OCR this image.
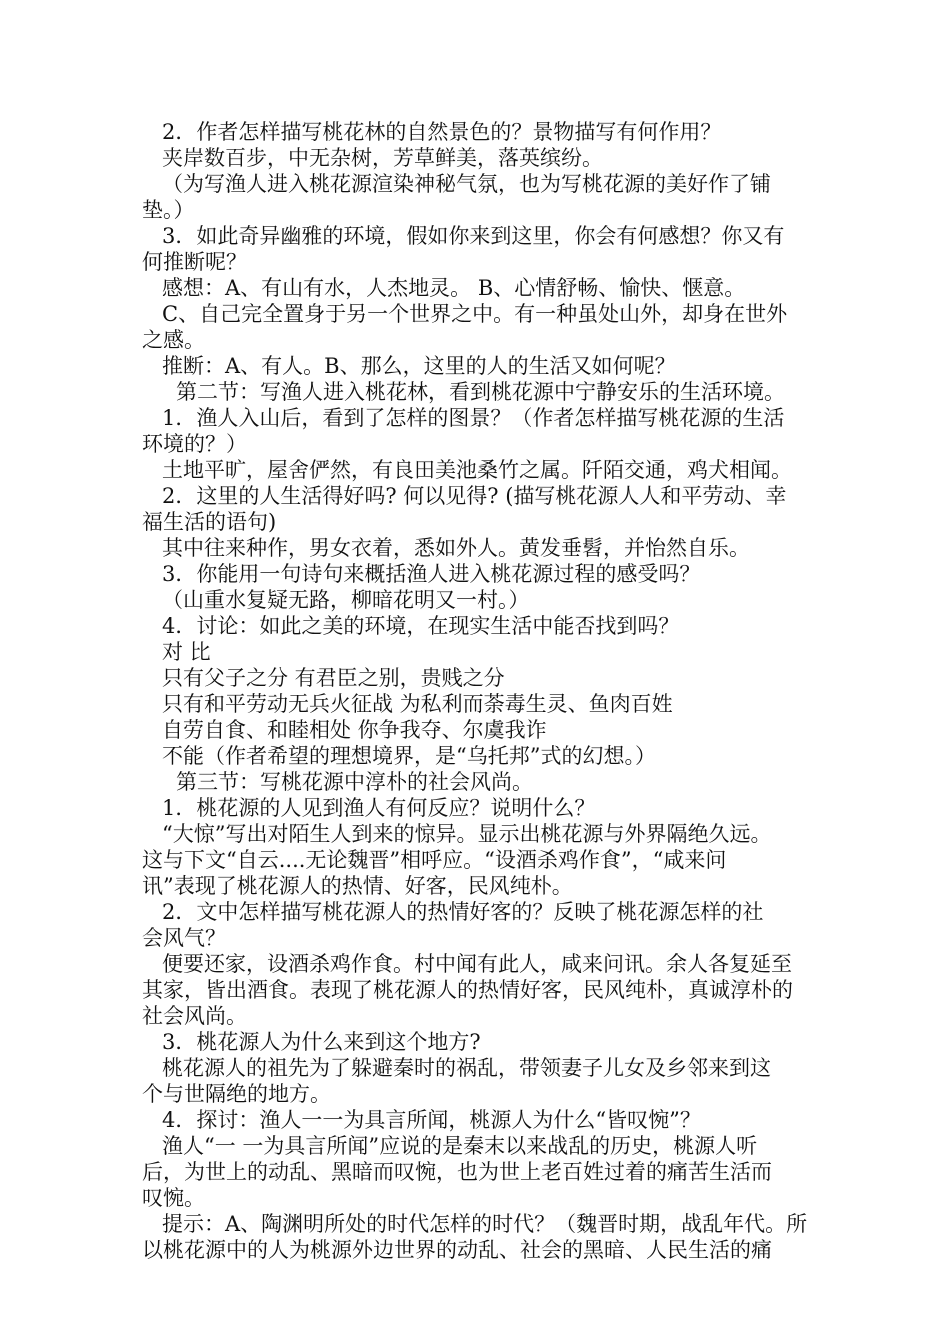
2．作者怎样描写桃花林的自然景色的？景物描写有何作用？
夹岸数百步，中无杂树，芳草鲜美，落英缤纷。
（为写渔人进入桃花源渲染神秘气氛，也为写桃花源的美好作了铺
垫。）
3．如此奇异幽雅的环境，假如你来到这里，你会有何感想？你又有
何推断呢？
感想：A、有山有水，人杰地灵。 B、心情舒畅、愉快、惬意。
C、自己完全置身于另一个世界之中。有一种虽处山外，却身在世外
之感。
推断：A、有人。B、那么，这里的人的生活又如何呢？
第二节：写渔人进入桃花林，看到桃花源中宁静安乐的生活环境。
1．渔人入山后，看到了怎样的图景？（作者怎样描写桃花源的生活
环境的？）
土地平旷，屋舍俨然，有良田美池桑竹之属。阡陌交通，鸡犬相闻。
2．这里的人生活得好吗? 何以见得? (描写桃花源人人和平劳动、幸
福生活的语句)
其中往来种作，男女衣着，悉如外人。黄发垂髫，并怡然自乐。
3．你能用一句诗句来概括渔人进入桃花源过程的感受吗？
（山重水复疑无路，柳暗花明又一村。）
4．讨论：如此之美的环境，在现实生活中能否找到吗？
对 比
只有父子之分 有君臣之别，贵贱之分
只有和平劳动无兵火征战 为私利而荼毒生灵、鱼肉百姓
自劳自食、和睦相处 你争我夺、尔虞我诈
不能（作者希望的理想境界，是“乌托邦”式的幻想。）
第三节：写桃花源中淳朴的社会风尚。
1．桃花源的人见到渔人有何反应？说明什么？
“大惊”写出对陌生人到来的惊异。显示出桃花源与外界隔绝久远。
这与下文“自云....无论魏晋”相呼应。“设酒杀鸡作食”，“咸来问
讯”表现了桃花源人的热情、好客，民风纯朴。
2．文中怎样描写桃花源人的热情好客的？反映了桃花源怎样的社
会风气？
便要还家，设酒杀鸡作食。村中闻有此人，咸来问讯。余人各复延至
其家，皆出酒食。表现了桃花源人的热情好客，民风纯朴，真诚淳朴的
社会风尚。
3．桃花源人为什么来到这个地方?
桃花源人的祖先为了躲避秦时的祸乱，带领妻子儿女及乡邻来到这
个与世隔绝的地方。
4．探讨：渔人一一为具言所闻，桃源人为什么“皆叹惋”？
渔人“一 一为具言所闻”应说的是秦末以来战乱的历史，桃源人听
后，为世上的动乱、黑暗而叹惋，也为世上老百姓过着的痛苦生活而
叹惋。
提示：A、陶渊明所处的时代怎样的时代？（魏晋时期，战乱年代。所
以桃花源中的人为桃源外边世界的动乱、社会的黑暗、人民生活的痛
